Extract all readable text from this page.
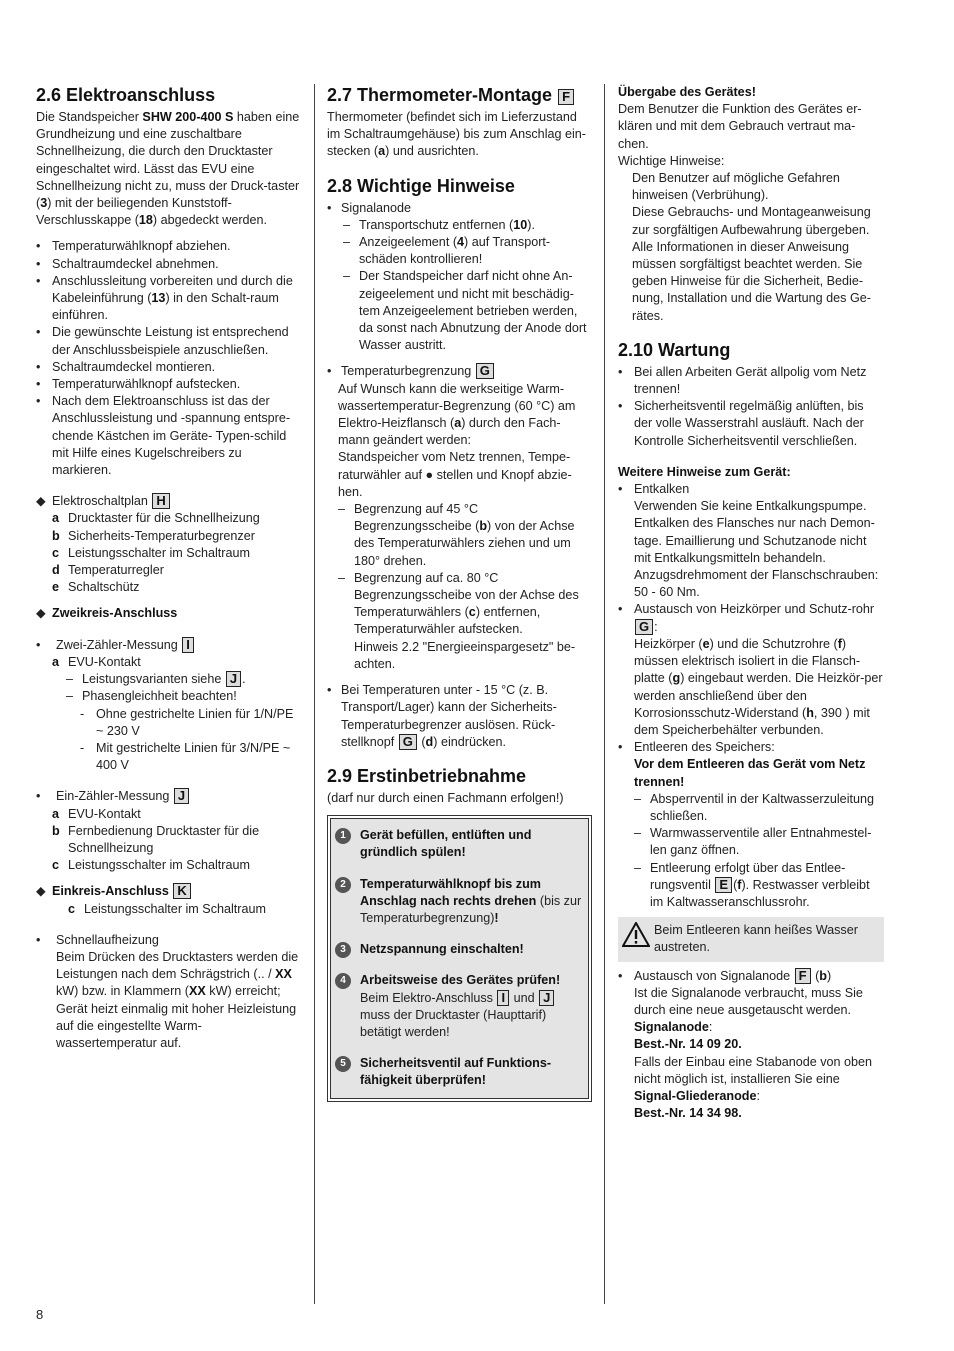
2.6 Elektroanschluss

Die Standspeicher SHW 200-400 S haben eine Grundheizung und eine zuschaltbare Schnellheizung, die durch den Drucktaster eingeschaltet wird. Lässt das EVU eine Schnellheizung nicht zu, muss der Druck-taster (3) mit der beiliegenden Kunststoff-Verschlusskappe (18) abgedeckt werden.

• Temperaturwählknopf abziehen.
• Schaltraumdeckel abnehmen.
• Anschlussleitung vorbereiten und durch die Kabeleinführung (13) in den Schalt-raum einführen.
• Die gewünschte Leistung ist entsprechend der Anschlussbeispiele anzuschließen.
• Schaltraumdeckel montieren.
• Temperaturwählknopf aufstecken.
• Nach dem Elektroanschluss ist das der Anschlussleistung und -spannung entspre-chende Kästchen im Geräte- Typen-schild mit Hilfe eines Kugelschreibers zu markieren.
◆ Elektroschaltplan H
a Drucktaster für die Schnellheizung
b Sicherheits-Temperaturbegrenzer
c Leistungsschalter im Schaltraum
d Temperaturregler
e Schaltschütz
◆ Zweikreis-Anschluss
•	Zwei-Zähler-Messung I
a EVU-Kontakt
– Leistungsvarianten siehe J .
– Phasengleichheit beachten!
- Ohne gestrichelte Linien für 1/N/PE ~ 230 V
- Mit gestrichelte Linien für 3/N/PE ~ 400 V
•	Ein-Zähler-Messung J
a EVU-Kontakt
b Fernbedienung Drucktaster für die Schnellheizung
c Leistungsschalter im Schaltraum
◆ Einkreis-Anschluss K
c Leistungsschalter im Schaltraum
•	Schnellaufheizung

Beim Drücken des Drucktasters werden die Leistungen nach dem Schrägstrich (.. / XX kW) bzw. in Klammern (XX kW) erreicht; Gerät heizt einmalig mit hoher Heizleistung auf die eingestellte Warm-wassertemperatur auf.

2.7 Thermometer-Montage F

Thermometer (befindet sich im Lieferzustand im Schaltraumgehäuse) bis zum Anschlag ein-stecken (a) und ausrichten.

2.8 Wichtige Hinweise
• Signalanode
– Transportschutz entfernen (10).
– Anzeigeelement (4) auf Transport-schäden kontrollieren!
– Der Standspeicher darf nicht ohne An-zeigeelement und nicht mit beschädig-tem Anzeigeelement betrieben werden, da sonst nach Abnutzung der Anode dort Wasser austritt.
• Temperaturbegrenzung G

Auf Wunsch kann die werkseitige Warm-wassertemperatur-Begrenzung (60 °C) am Elektro-Heizflansch (a) durch den Fach-mann geändert werden:

Standspeicher vom Netz trennen, Tempe-raturwähler auf ● stellen und Knopf abzie-hen.

– Begrenzung auf 45 °C

Begrenzungsscheibe (b) von der Achse des Temperaturwählers ziehen und um 180° drehen.

– Begrenzung auf ca. 80 °C

Begrenzungsscheibe von der Achse des Temperaturwählers (c) entfernen, Temperaturwähler aufstecken.

Hinweis 2.2 "Energieeinspargesetz" be-achten.

• Bei Temperaturen unter - 15 °C (z. B. Transport/Lager) kann der Sicherheits-Temperaturbegrenzer auslösen. Rück-stellknopf G (d) eindrücken.
2.9 Erstinbetriebnahme

(darf nur durch einen Fachmann erfolgen!)

1	Gerät befüllen, entlüften und gründlich spülen!
2	Temperaturwählknopf bis zum Anschlag nach rechts drehen (bis zur Temperaturbegrenzung)!
3	Netzspannung einschalten!
4	Arbeitsweise des Gerätes prüfen!
Beim Elektro-Anschluss I und J
muss der Drucktaster (Haupttarif) betätigt werden!
5	Sicherheitsventil auf Funktions-fähigkeit überprüfen!

Übergabe des Gerätes!

Dem Benutzer die Funktion des Gerätes er-klären und mit dem Gebrauch vertraut ma-chen.

Wichtige Hinweise:

Den Benutzer auf mögliche Gefahren hinweisen (Verbrühung).

Diese Gebrauchs- und Montageanweisung zur sorgfältigen Aufbewahrung übergeben. Alle Informationen in dieser Anweisung müssen sorgfältigst beachtet werden. Sie geben Hinweise für die Sicherheit, Bedie-nung, Installation und die Wartung des Ge-rätes.

2.10 Wartung
• Bei allen Arbeiten Gerät allpolig vom Netz trennen!
• Sicherheitsventil regelmäßig anlüften, bis der volle Wasserstrahl ausläuft. Nach der Kontrolle Sicherheitsventil verschließen.

Weitere Hinweise zum Gerät:

• Entkalken

Verwenden Sie keine Entkalkungspumpe. Entkalken des Flansches nur nach Demon-tage. Emaillierung und Schutzanode nicht mit Entkalkungsmitteln behandeln. Anzugsdrehmoment der Flanschschrauben: 50 - 60 Nm.

• Austausch von Heizkörper und Schutz-rohr G :

Heizkörper (e) und die Schutzrohre (f) müssen elektrisch isoliert in die Flansch-platte (g) eingebaut werden. Die Heizkör-per werden anschließend über den Korrosionsschutz-Widerstand (h, 390 ) mit dem Speicherbehälter verbunden.

• Entleeren des Speichers:

Vor dem Entleeren das Gerät vom Netz trennen!

– Absperrventil in der Kaltwasserzuleitung schließen.
– Warmwasserventile aller Entnahmestel-len ganz öffnen.
– Entleerung erfolgt über das Entlee-rungsventil E (f). Restwasser verbleibt im Kaltwasseranschlussrohr.
Beim Entleeren kann heißes Wasser austreten.
• Austausch von Signalanode F (b)

Ist die Signalanode verbraucht, muss Sie durch eine neue ausgetauscht werden.

Signalanode:

Best.-Nr. 14 09 20.

Falls der Einbau eine Stabanode von oben nicht möglich ist, installieren Sie eine

Signal-Gliederanode:

Best.-Nr. 14 34 98.

8
